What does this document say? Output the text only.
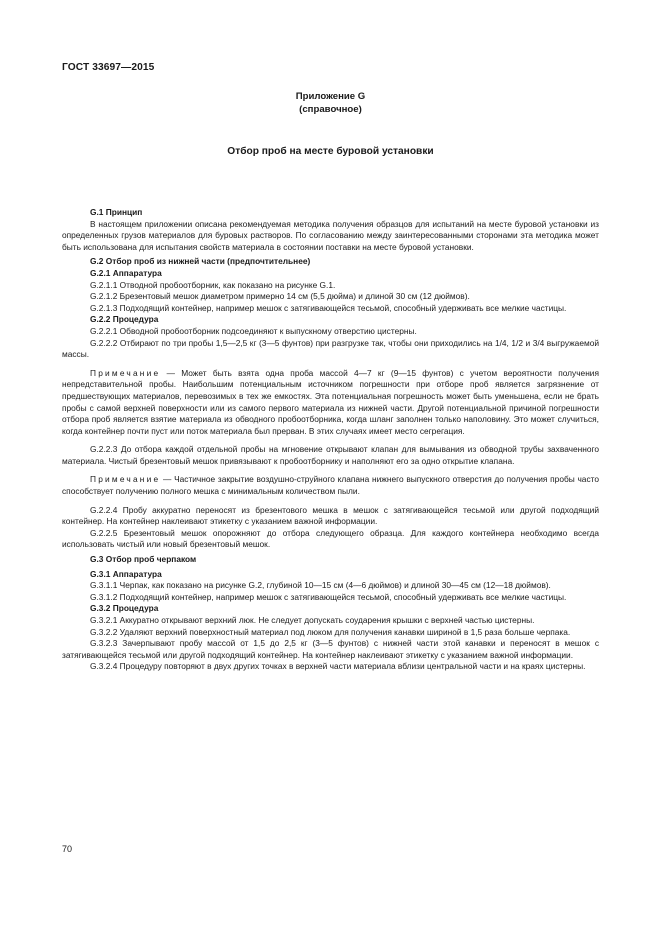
ГОСТ 33697—2015
Приложение G
(справочное)
Отбор проб на месте буровой установки

G.1 Принцип

В настоящем приложении описана рекомендуемая методика получения образцов для испытаний на месте буровой установки из определенных грузов материалов для буровых растворов. По согласованию между заинтересованными сторонами эта методика может быть использована для испытания свойств материала в состоянии поставки на месте буровой установки.

G.2 Отбор проб из нижней части (предпочтительнее)

G.2.1 Аппаратура

G.2.1.1 Отводной пробоотборник, как показано на рисунке G.1.

G.2.1.2 Брезентовый мешок диаметром примерно 14 см (5,5 дюйма) и длиной 30 см (12 дюймов).

G.2.1.3 Подходящий контейнер, например мешок с затягивающейся тесьмой, способный удерживать все мелкие частицы.

G.2.2 Процедура

G.2.2.1 Обводной пробоотборник подсоединяют к выпускному отверстию цистерны.

G.2.2.2 Отбирают по три пробы 1,5—2,5 кг (3—5 фунтов) при разгрузке так, чтобы они приходились на 1/4, 1/2 и 3/4 выгружаемой массы.

Примечание — Может быть взята одна проба массой 4—7 кг (9—15 фунтов) с учетом вероятности получения непредставительной пробы. Наибольшим потенциальным источником погрешности при отборе проб является загрязнение от предшествующих материалов, перевозимых в тех же емкостях. Эта потенциальная погрешность может быть уменьшена, если не брать пробы с самой верхней поверхности или из самого первого материала из нижней части. Другой потенциальной причиной погрешности отбора проб является взятие материала из обводного пробоотборника, когда шланг заполнен только наполовину. Это может случиться, когда контейнер почти пуст или поток материала был прерван. В этих случаях имеет место сегрегация.

G.2.2.3 До отбора каждой отдельной пробы на мгновение открывают клапан для вымывания из обводной трубы захваченного материала. Чистый брезентовый мешок привязывают к пробоотборнику и наполняют его за одно открытие клапана.

Примечание — Частичное закрытие воздушно-струйного клапана нижнего выпускного отверстия до получения пробы часто способствует получению полного мешка с минимальным количеством пыли.

G.2.2.4 Пробу аккуратно переносят из брезентового мешка в мешок с затягивающейся тесьмой или другой подходящий контейнер. На контейнер наклеивают этикетку с указанием важной информации.

G.2.2.5 Брезентовый мешок опорожняют до отбора следующего образца. Для каждого контейнера необходимо всегда использовать чистый или новый брезентовый мешок.

G.3 Отбор проб черпаком

G.3.1 Аппаратура

G.3.1.1 Черпак, как показано на рисунке G.2, глубиной 10—15 см (4—6 дюймов) и длиной 30—45 см (12—18 дюймов).

G.3.1.2 Подходящий контейнер, например мешок с затягивающейся тесьмой, способный удерживать все мелкие частицы.

G.3.2 Процедура

G.3.2.1 Аккуратно открывают верхний люк. Не следует допускать соударения крышки с верхней частью цистерны.

G.3.2.2 Удаляют верхний поверхностный материал под люком для получения канавки шириной в 1,5 раза больше черпака.

G.3.2.3 Зачерпывают пробу массой от 1,5 до 2,5 кг (3—5 фунтов) с нижней части этой канавки и переносят в мешок с затягивающейся тесьмой или другой подходящий контейнер. На контейнер наклеивают этикетку с указанием важной информации.

G.3.2.4 Процедуру повторяют в двух других точках в верхней части материала вблизи центральной части и на краях цистерны.

70
